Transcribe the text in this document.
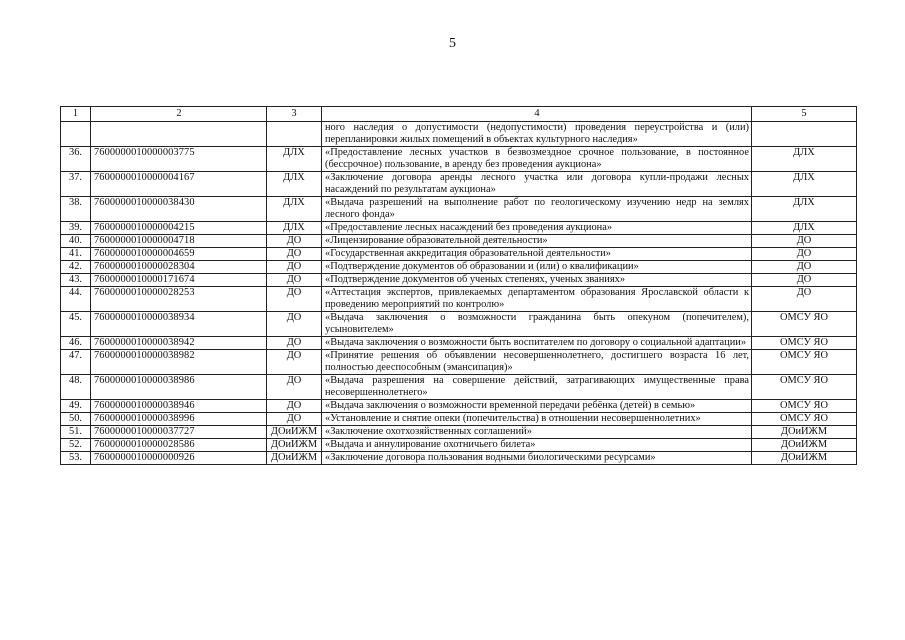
5
1	2	3	4	5
			ного наследия о допустимости (недопустимости) проведения переустройства и (или) перепланировки жилых помещений в объектах культурного наследия»	
36.	7600000010000003775	ДЛХ	«Предоставление лесных участков в безвозмездное срочное пользование, в постоянное (бессрочное) пользование, в аренду без проведения аукциона»	ДЛХ
37.	7600000010000004167	ДЛХ	«Заключение договора аренды лесного участка или договора купли-продажи лесных насаждений по результатам аукциона»	ДЛХ
38.	7600000010000038430	ДЛХ	«Выдача разрешений на выполнение работ по геологическому изучению недр на землях лесного фонда»	ДЛХ
39.	7600000010000004215	ДЛХ	«Предоставление лесных насаждений без проведения аукциона»	ДЛХ
40.	7600000010000004718	ДО	«Лицензирование образовательной деятельности»	ДО
41.	7600000010000004659	ДО	«Государственная аккредитация образовательной деятельности»	ДО
42.	7600000010000028304	ДО	«Подтверждение документов об образовании и (или) о квалификации»	ДО
43.	7600000010000171674	ДО	«Подтверждение документов об ученых степенях, ученых званиях»	ДО
44.	7600000010000028253	ДО	«Аттестация экспертов, привлекаемых департаментом образования Ярославской области к проведению мероприятий по контролю»	ДО
45.	7600000010000038934	ДО	«Выдача заключения о возможности гражданина быть опекуном (попечителем), усыновителем»	ОМСУ ЯО
46.	7600000010000038942	ДО	«Выдача заключения о возможности быть воспитателем по договору о социальной адаптации»	ОМСУ ЯО
47.	7600000010000038982	ДО	«Принятие решения об объявлении несовершеннолетнего, достигшего возраста 16 лет, полностью дееспособным (эмансипация)»	ОМСУ ЯО
48.	7600000010000038986	ДО	«Выдача разрешения на совершение действий, затрагивающих имущественные права несовершеннолетнего»	ОМСУ ЯО
49.	7600000010000038946	ДО	«Выдача заключения о возможности временной передачи ребёнка (детей) в семью»	ОМСУ ЯО
50.	7600000010000038996	ДО	«Установление и снятие опеки (попечительства) в отношении несовершеннолетних»	ОМСУ ЯО
51.	7600000010000037727	ДОиИЖМ	«Заключение охотхозяйственных соглашений»	ДОиИЖМ
52.	7600000010000028586	ДОиИЖМ	«Выдача и аннулирование охотничьего билета»	ДОиИЖМ
53.	7600000010000000926	ДОиИЖМ	«Заключение договора пользования водными биологическими ресурсами»	ДОиИЖМ
